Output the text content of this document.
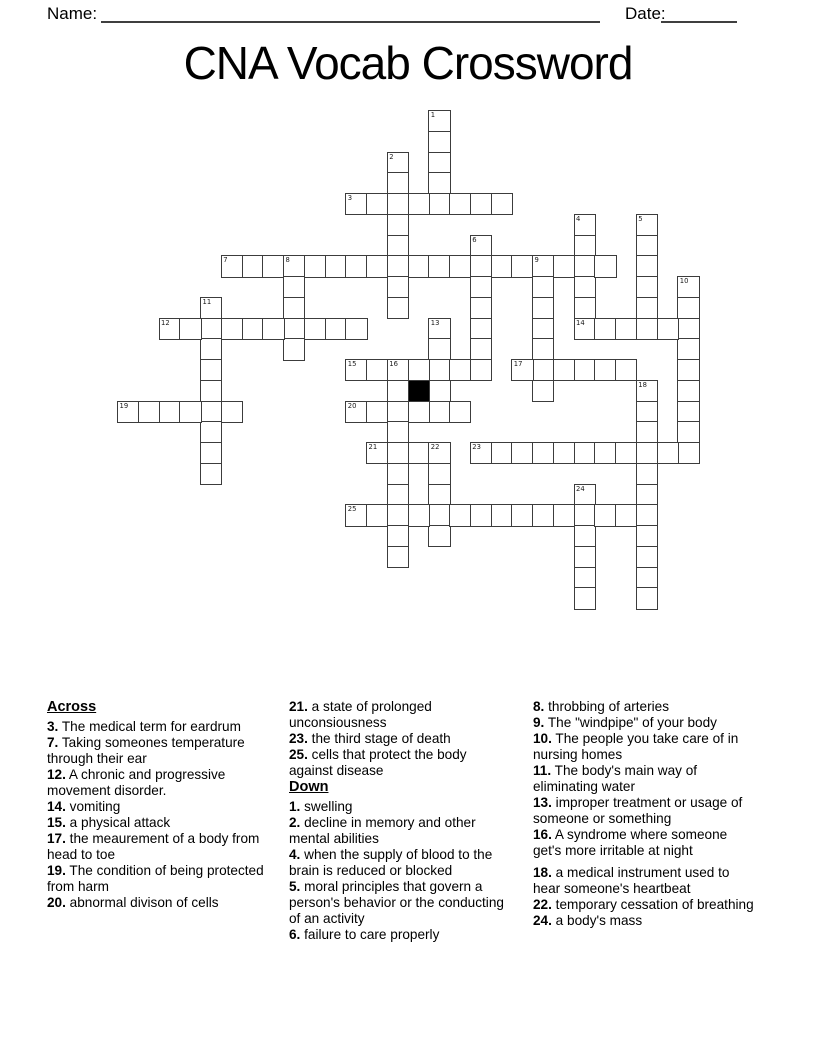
Name:	Date:
CNA Vocab Crossword
1
2
3
4
14
5
6
7	8	9
10
11
12	13
15	16	17
18
19	20
21	22	23
24
25
Across

3. The medical term for eardrum

7. Taking someones temperature through their ear

12. A chronic and progressive movement disorder.

14. vomiting

15. a physical attack

17. the meaurement of a body from head to toe

19. The condition of being protected from harm

20. abnormal divison of cells

21. a state of prolonged unconsiousness

23. the third stage of death

25. cells that protect the body against disease

Down

1. swelling

2. decline in memory and other mental abilities

4. when the supply of blood to the brain is reduced or blocked

5. moral principles that govern a person's behavior or the conducting of an activity

6. failure to care properly

8. throbbing of arteries

9. The "windpipe" of your body

10. The people you take care of in nursing homes

11. The body's main way of eliminating water

13. improper treatment or usage of someone or something

16. A syndrome where someone get's more irritable at night

18. a medical instrument used to hear someone's heartbeat

22. temporary cessation of breathing

24. a body's mass
